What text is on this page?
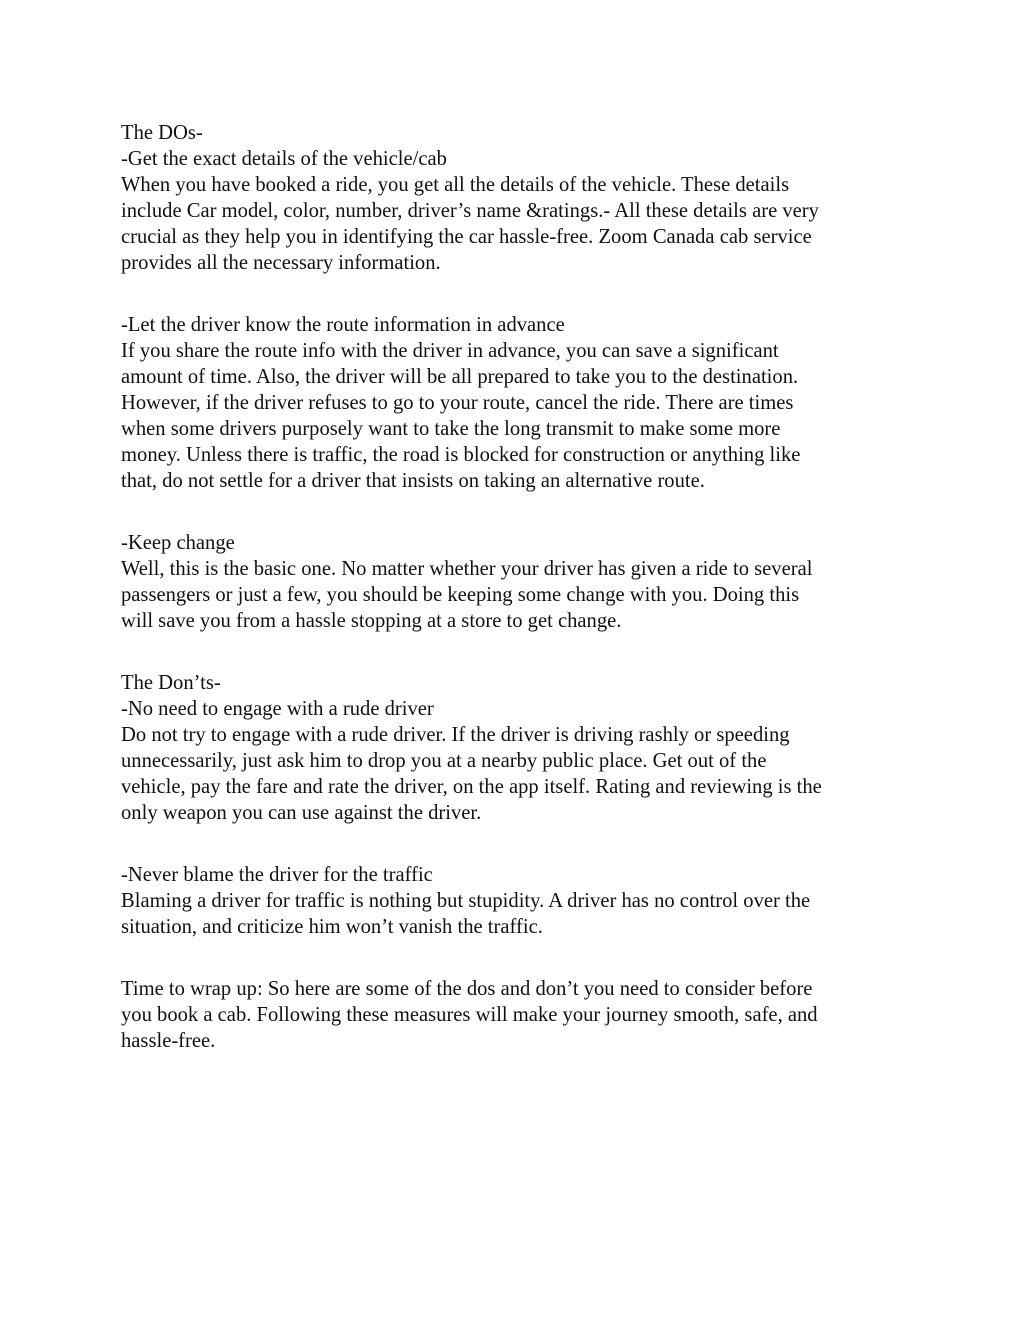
The DOs-
-Get the exact details of the vehicle/cab
When you have booked a ride, you get all the details of the vehicle. These details
include Car model, color, number, driver’s name &ratings.- All these details are very
crucial as they help you in identifying the car hassle-free. Zoom Canada cab service
provides all the necessary information.
-Let the driver know the route information in advance
If you share the route info with the driver in advance, you can save a significant
amount of time. Also, the driver will be all prepared to take you to the destination.
However, if the driver refuses to go to your route, cancel the ride. There are times
when some drivers purposely want to take the long transmit to make some more
money. Unless there is traffic, the road is blocked for construction or anything like
that, do not settle for a driver that insists on taking an alternative route.
-Keep change
Well, this is the basic one. No matter whether your driver has given a ride to several
passengers or just a few, you should be keeping some change with you. Doing this
will save you from a hassle stopping at a store to get change.
The Don’ts-
-No need to engage with a rude driver
Do not try to engage with a rude driver. If the driver is driving rashly or speeding
unnecessarily, just ask him to drop you at a nearby public place. Get out of the
vehicle, pay the fare and rate the driver, on the app itself. Rating and reviewing is the
only weapon you can use against the driver.
-Never blame the driver for the traffic
Blaming a driver for traffic is nothing but stupidity. A driver has no control over the
situation, and criticize him won’t vanish the traffic.
Time to wrap up: So here are some of the dos and don’t you need to consider before
you book a cab. Following these measures will make your journey smooth, safe, and
hassle-free.
